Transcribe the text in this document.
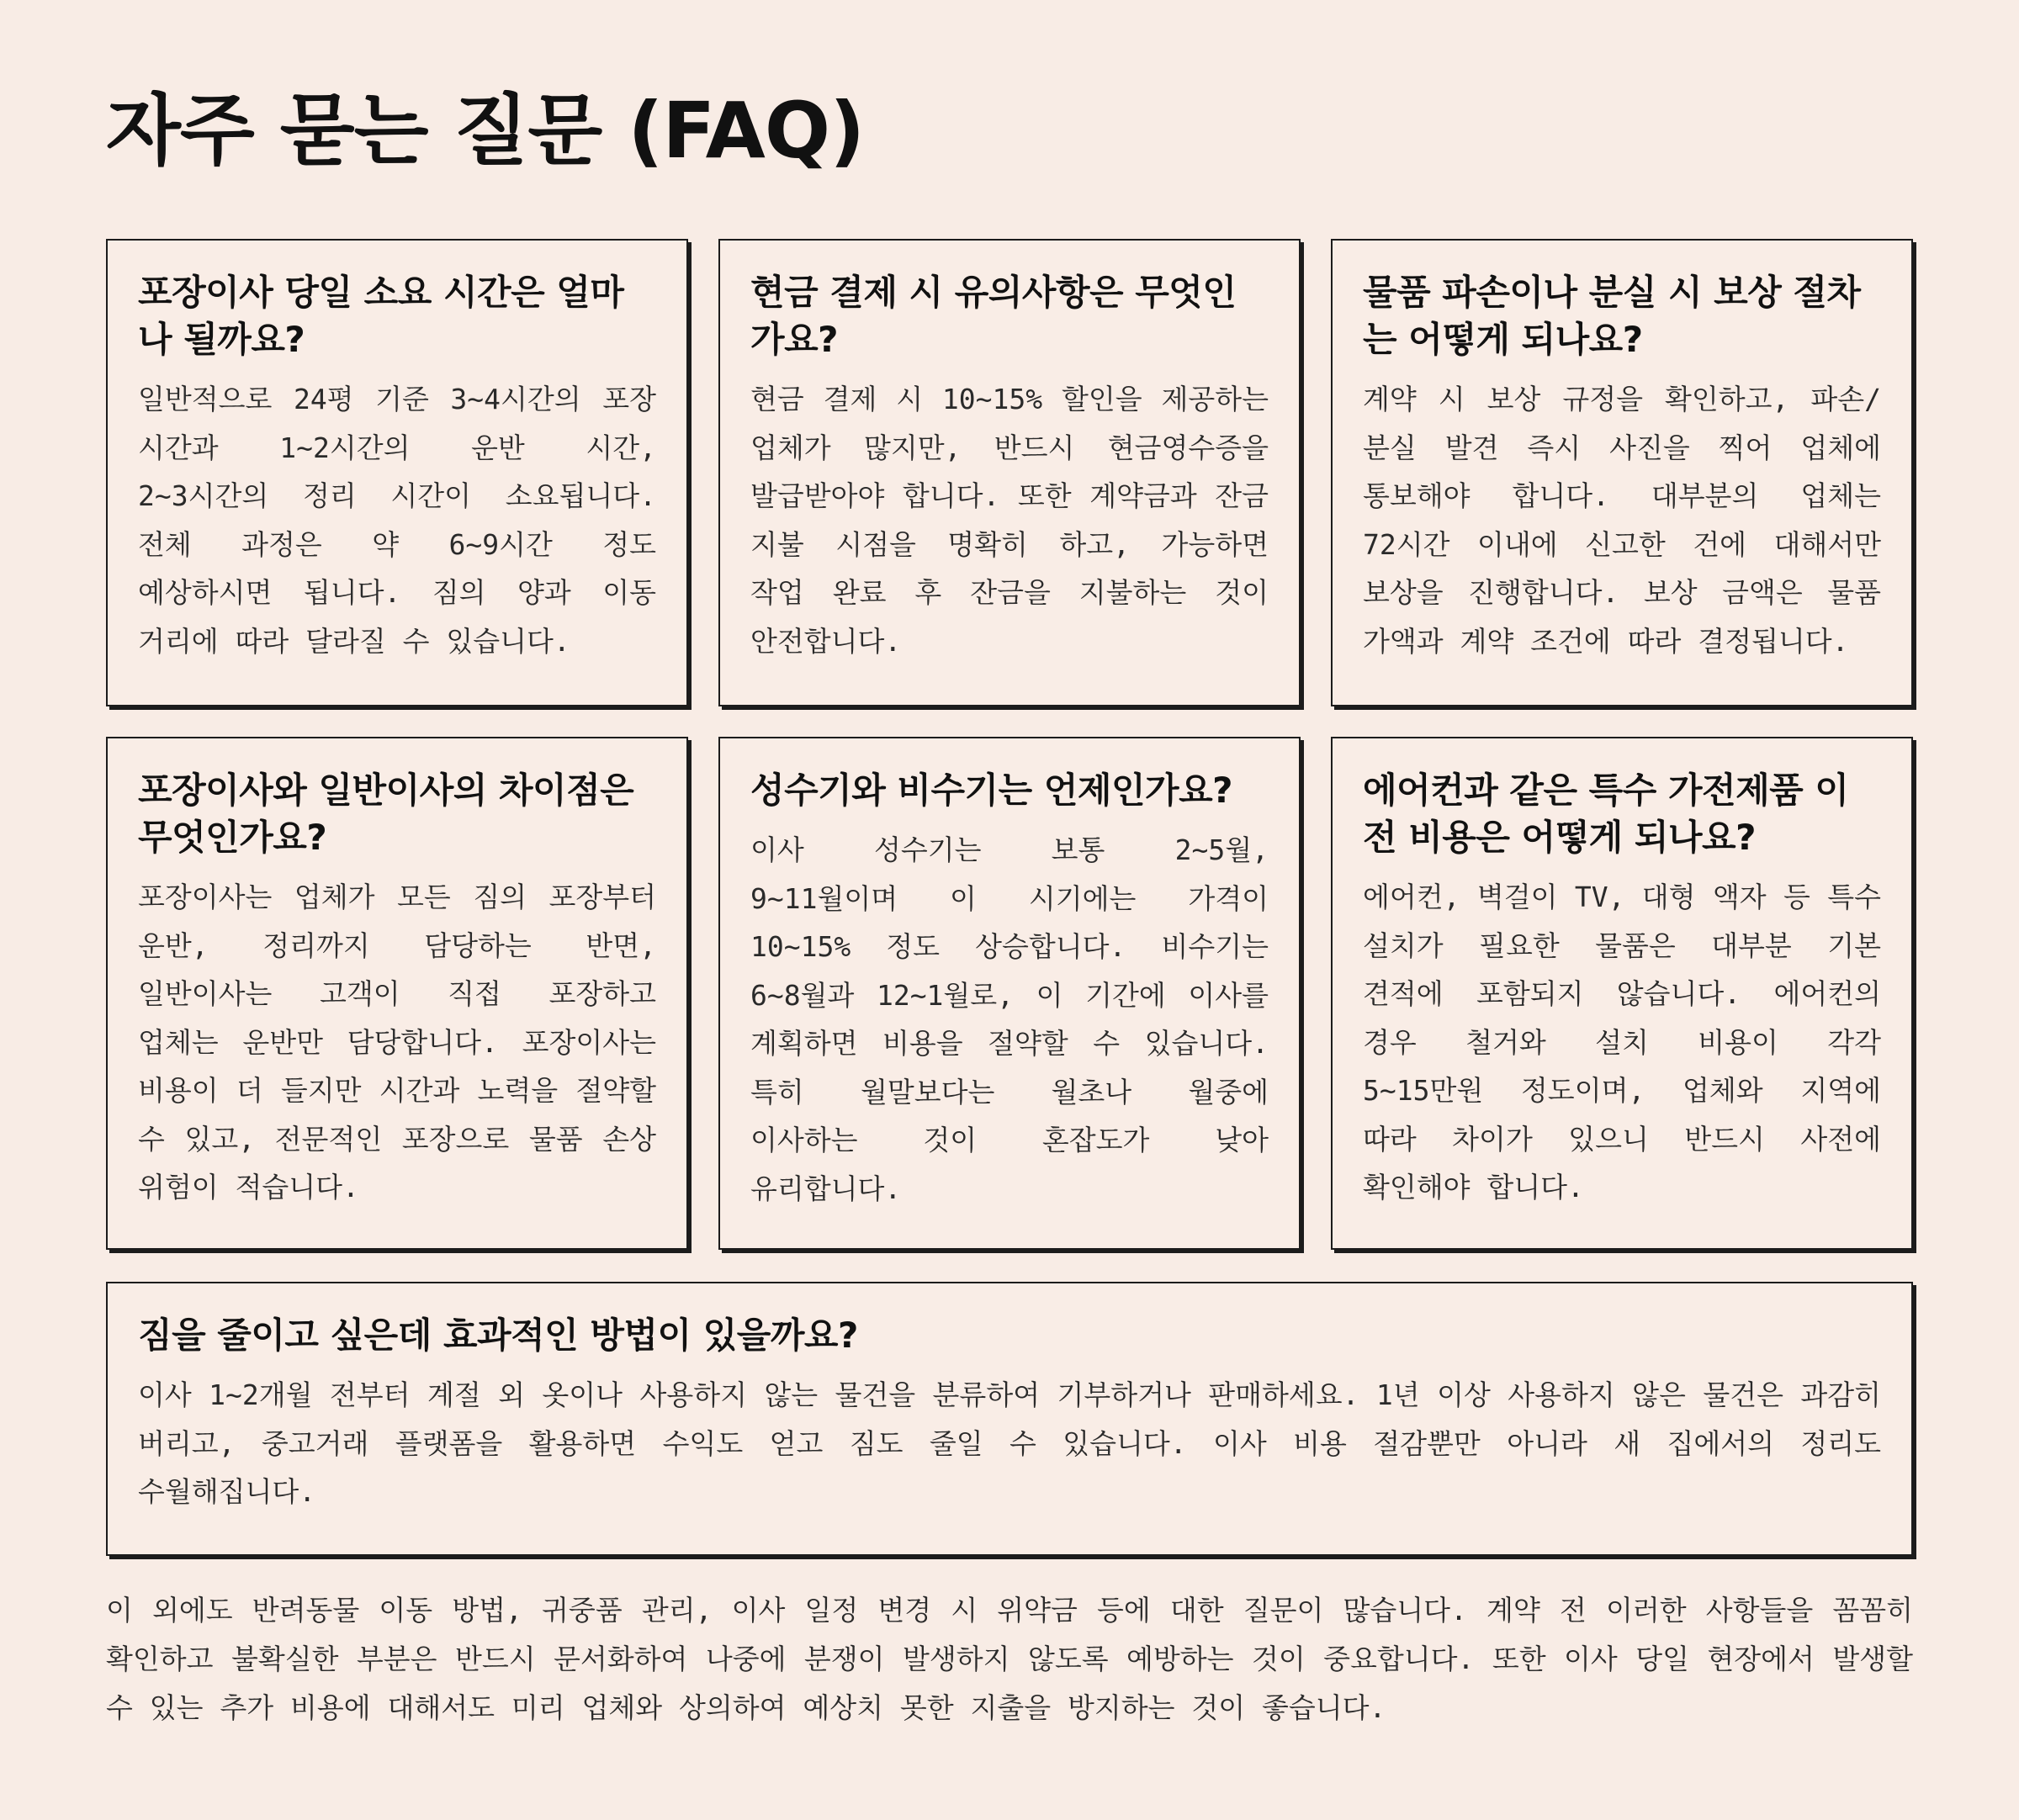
자주 묻는 질문 (FAQ)
포장이사 당일 소요 시간은 얼마나 될까요?

일반적으로 24평 기준 3~4시간의 포장 시간과 1~2시간의 운반 시간, 2~3시간의 정리 시간이 소요됩니다. 전체 과정은 약 6~9시간 정도 예상하시면 됩니다. 짐의 양과 이동 거리에 따라 달라질 수 있습니다.

현금 결제 시 유의사항은 무엇인가요?

현금 결제 시 10~15% 할인을 제공하는 업체가 많지만, 반드시 현금영수증을 발급받아야 합니다. 또한 계약금과 잔금 지불 시점을 명확히 하고, 가능하면 작업 완료 후 잔금을 지불하는 것이 안전합니다.

물품 파손이나 분실 시 보상 절차는 어떻게 되나요?

계약 시 보상 규정을 확인하고, 파손/분실 발견 즉시 사진을 찍어 업체에 통보해야 합니다. 대부분의 업체는 72시간 이내에 신고한 건에 대해서만 보상을 진행합니다. 보상 금액은 물품 가액과 계약 조건에 따라 결정됩니다.

포장이사와 일반이사의 차이점은 무엇인가요?

포장이사는 업체가 모든 짐의 포장부터 운반, 정리까지 담당하는 반면, 일반이사는 고객이 직접 포장하고 업체는 운반만 담당합니다. 포장이사는 비용이 더 들지만 시간과 노력을 절약할 수 있고, 전문적인 포장으로 물품 손상 위험이 적습니다.

성수기와 비수기는 언제인가요?

이사 성수기는 보통 2~5월, 9~11월이며 이 시기에는 가격이 10~15% 정도 상승합니다. 비수기는 6~8월과 12~1월로, 이 기간에 이사를 계획하면 비용을 절약할 수 있습니다. 특히 월말보다는 월초나 월중에 이사하는 것이 혼잡도가 낮아 유리합니다.

에어컨과 같은 특수 가전제품 이전 비용은 어떻게 되나요?

에어컨, 벽걸이 TV, 대형 액자 등 특수 설치가 필요한 물품은 대부분 기본 견적에 포함되지 않습니다. 에어컨의 경우 철거와 설치 비용이 각각 5~15만원 정도이며, 업체와 지역에 따라 차이가 있으니 반드시 사전에 확인해야 합니다.

짐을 줄이고 싶은데 효과적인 방법이 있을까요?

이사 1~2개월 전부터 계절 외 옷이나 사용하지 않는 물건을 분류하여 기부하거나 판매하세요. 1년 이상 사용하지 않은 물건은 과감히 버리고, 중고거래 플랫폼을 활용하면 수익도 얻고 짐도 줄일 수 있습니다. 이사 비용 절감뿐만 아니라 새 집에서의 정리도 수월해집니다.

이 외에도 반려동물 이동 방법, 귀중품 관리, 이사 일정 변경 시 위약금 등에 대한 질문이 많습니다. 계약 전 이러한 사항들을 꼼꼼히 확인하고 불확실한 부분은 반드시 문서화하여 나중에 분쟁이 발생하지 않도록 예방하는 것이 중요합니다. 또한 이사 당일 현장에서 발생할 수 있는 추가 비용에 대해서도 미리 업체와 상의하여 예상치 못한 지출을 방지하는 것이 좋습니다.
